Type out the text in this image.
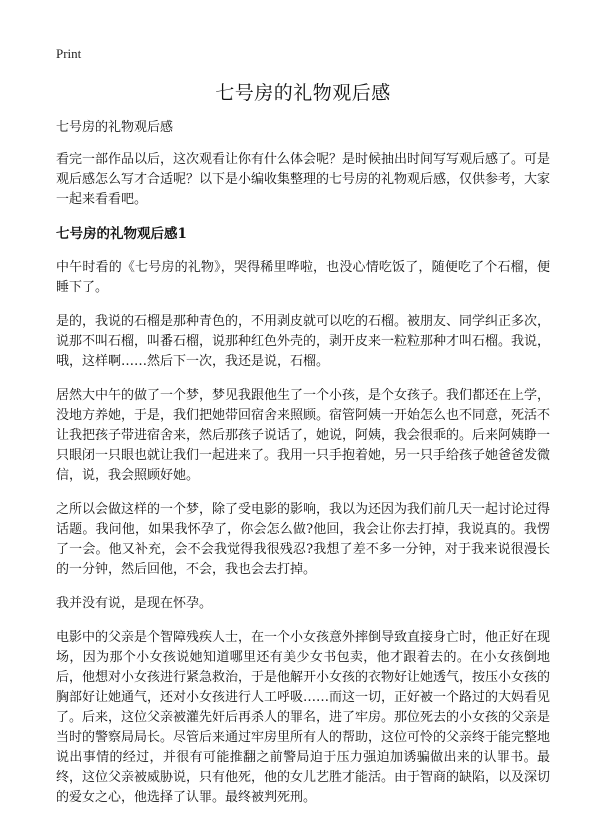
Print

七号房的礼物观后感

七号房的礼物观后感

看完一部作品以后，这次观看让你有什么体会呢？是时候抽出时间写写观后感了。可是观后感怎么写才合适呢？以下是小编收集整理的七号房的礼物观后感，仅供参考，大家一起来看看吧。

七号房的礼物观后感1

中午时看的《七号房的礼物》，哭得稀里哗啦，也没心情吃饭了，随便吃了个石榴，便睡下了。

是的，我说的石榴是那种青色的，不用剥皮就可以吃的石榴。被朋友、同学纠正多次，说那不叫石榴，叫番石榴，说那种红色外壳的，剥开皮来一粒粒那种才叫石榴。我说，哦，这样啊……然后下一次，我还是说，石榴。

居然大中午的做了一个梦，梦见我跟他生了一个小孩，是个女孩子。我们都还在上学，没地方养她，于是，我们把她带回宿舍来照顾。宿管阿姨一开始怎么也不同意，死活不让我把孩子带进宿舍来，然后那孩子说话了，她说，阿姨，我会很乖的。后来阿姨睁一只眼闭一只眼也就让我们一起进来了。我用一只手抱着她，另一只手给孩子她爸爸发微信，说，我会照顾好她。

之所以会做这样的一个梦，除了受电影的影响，我以为还因为我们前几天一起讨论过得话题。我问他，如果我怀孕了，你会怎么做?他回，我会让你去打掉，我说真的。我愣了一会。他又补充，会不会我觉得我很残忍?我想了差不多一分钟，对于我来说很漫长的一分钟，然后回他，不会，我也会去打掉。

我并没有说，是现在怀孕。

电影中的父亲是个智障残疾人士，在一个小女孩意外摔倒导致直接身亡时，他正好在现场，因为那个小女孩说她知道哪里还有美少女书包卖，他才跟着去的。在小女孩倒地后，他想对小女孩进行紧急救治，于是他解开小女孩的衣物好让她透气，按压小女孩的胸部好让她通气，还对小女孩进行人工呼吸……而这一切，正好被一个路过的大妈看见了。后来，这位父亲被灌先奸后再杀人的罪名，进了牢房。那位死去的小女孩的父亲是当时的警察局局长。尽管后来通过牢房里所有人的帮助，这位可怜的父亲终于能完整地说出事情的经过，并很有可能推翻之前警局迫于压力强迫加诱骗做出来的认罪书。最终，这位父亲被威胁说，只有他死，他的女儿艺胜才能活。由于智商的缺陷，以及深切的爱女之心，他选择了认罪。最终被判死刑。
